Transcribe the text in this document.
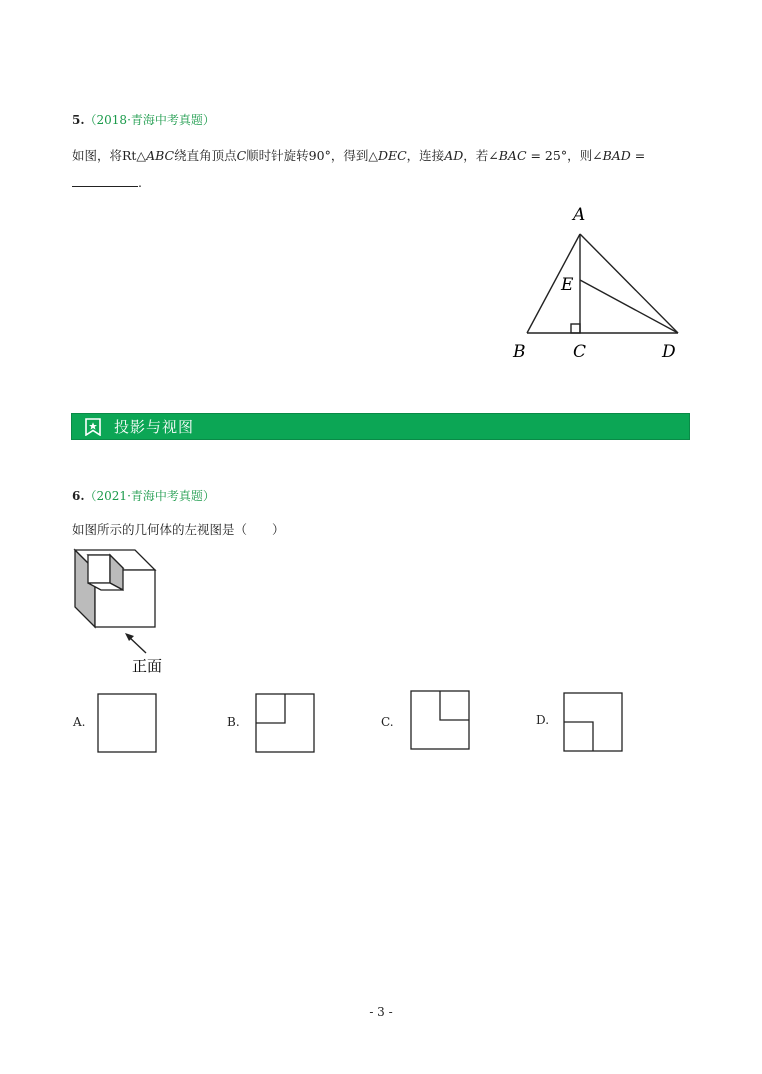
5.（2018·青海中考真题）
如图，将Rt△ABC绕直角顶点C顺时针旋转90°，得到△DEC，连接AD，若∠BAC = 25°，则∠BAD =
.
A
E
B	C	D
投影与视图
6.（2021·青海中考真题）
如图所示的几何体的左视图是（　　）
正面
A.	B.	C.	D.
- 3 -
